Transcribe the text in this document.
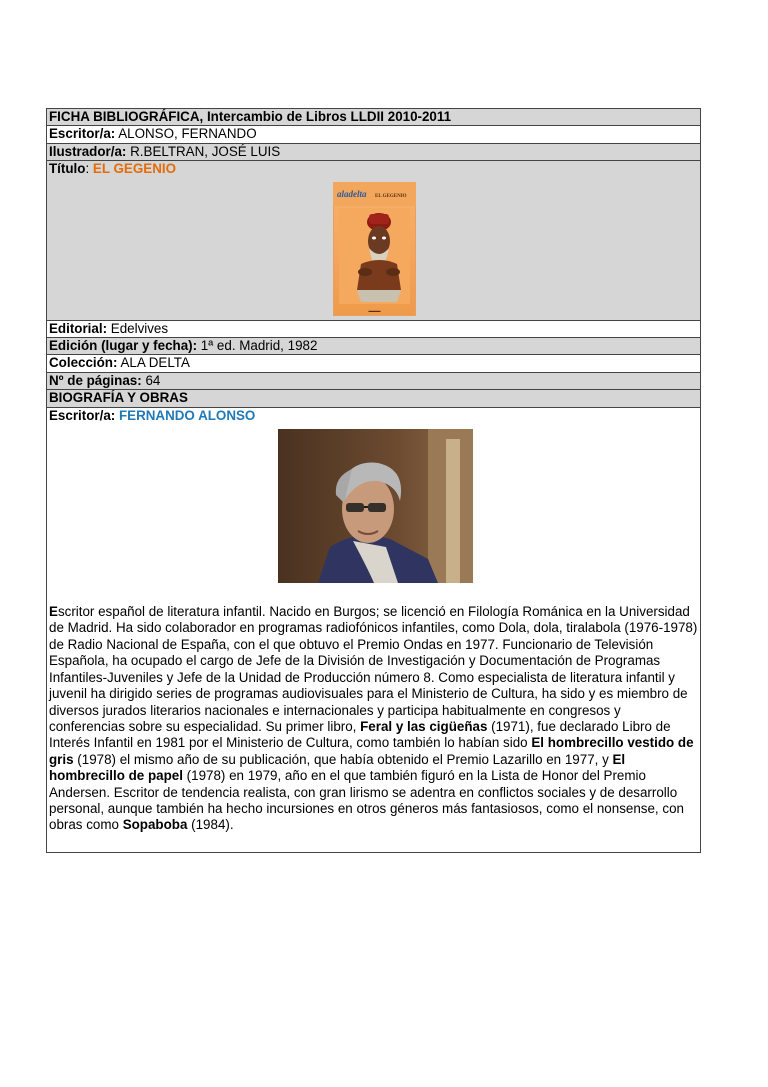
FICHA BIBLIOGRÁFICA, Intercambio de Libros LLDII 2010-2011
Escritor/a: ALONSO, FERNANDO
Ilustrador/a: R.BELTRAN, JOSÉ LUIS
Título: EL GEGENIO
aladelta EL GEGENIO
▬▬▬

Editorial: Edelvives
Edición (lugar y fecha): 1ª ed. Madrid, 1982
Colección: ALA DELTA
Nº de páginas: 64
BIOGRAFÍA Y OBRAS
Escritor/a: FERNANDO ALONSO
Escritor español de literatura infantil. Nacido en Burgos; se licenció en Filología Románica en la Universidad de Madrid. Ha sido colaborador en programas radiofónicos infantiles, como Dola, dola, tiralabola (1976-1978) de Radio Nacional de España, con el que obtuvo el Premio Ondas en 1977. Funcionario de Televisión Española, ha ocupado el cargo de Jefe de la División de Investigación y Documentación de Programas Infantiles-Juveniles y Jefe de la Unidad de Producción número 8. Como especialista de literatura infantil y juvenil ha dirigido series de programas audiovisuales para el Ministerio de Cultura, ha sido y es miembro de diversos jurados literarios nacionales e internacionales y participa habitualmente en congresos y conferencias sobre su especialidad. Su primer libro, Feral y las cigüeñas (1971), fue declarado Libro de Interés Infantil en 1981 por el Ministerio de Cultura, como también lo habían sido El hombrecillo vestido de gris (1978) el mismo año de su publicación, que había obtenido el Premio Lazarillo en 1977, y El hombrecillo de papel (1978) en 1979, año en el que también figuró en la Lista de Honor del Premio Andersen. Escritor de tendencia realista, con gran lirismo se adentra en conflictos sociales y de desarrollo personal, aunque también ha hecho incursiones en otros géneros más fantasiosos, como el nonsense, con obras como Sopaboba (1984).
